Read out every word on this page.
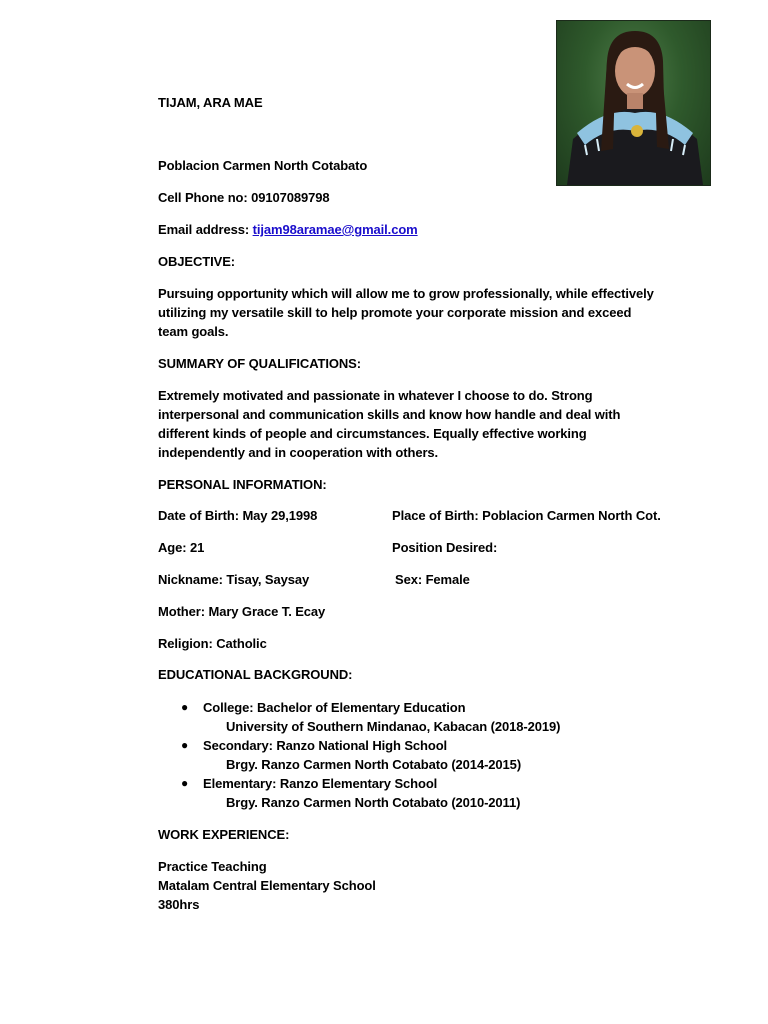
TIJAM, ARA MAE
Poblacion Carmen North Cotabato
Cell Phone no: 09107089798
Email address: tijam98aramae@gmail.com
OBJECTIVE:
Pursuing opportunity which will allow me to grow professionally, while effectively
utilizing my versatile skill to help promote your corporate mission and exceed
team goals.
SUMMARY OF QUALIFICATIONS:
Extremely motivated and passionate in whatever I choose to do. Strong
interpersonal and communication skills and know how handle and deal with
different kinds of people and circumstances. Equally effective working
independently and in cooperation with others.
PERSONAL INFORMATION:
Date of Birth: May 29,1998	Place of Birth: Poblacion Carmen North Cot.
Age: 21	Position Desired:
Nickname: Tisay, Saysay	Sex: Female
Mother: Mary Grace T. Ecay
Religion: Catholic
EDUCATIONAL BACKGROUND:
● College: Bachelor of Elementary Education
University of Southern Mindanao, Kabacan (2018-2019)
● Secondary: Ranzo National High School
Brgy. Ranzo Carmen North Cotabato (2014-2015)
● Elementary: Ranzo Elementary School
Brgy. Ranzo Carmen North Cotabato (2010-2011)
WORK EXPERIENCE:
Practice Teaching
Matalam Central Elementary School
380hrs
